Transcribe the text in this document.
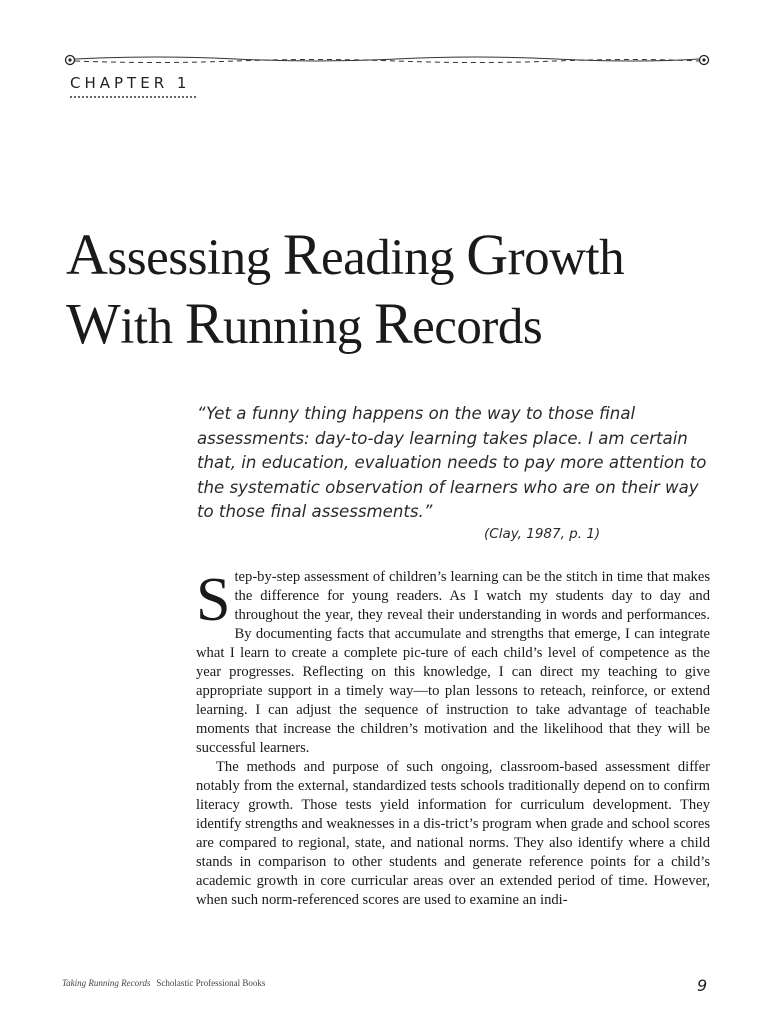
CHAPTER 1
Assessing Reading Growth
With Running Records

“Yet a funny thing happens on the way to those final assessments: day-to-day learning takes place. I am certain that, in education, evaluation needs to pay more attention to the systematic observation of learners who are on their way to those final assessments.”

(Clay, 1987, p. 1)

Step-by-step assessment of children’s learning can be the stitch in time that makes the difference for young readers. As I watch my students day to day and throughout the year, they reveal their understanding in words and performances. By documenting facts that accumulate and strengths that emerge, I can integrate what I learn to create a complete pic-ture of each child’s level of competence as the year progresses. Reflecting on this knowledge, I can direct my teaching to give appropriate support in a timely way—to plan lessons to reteach, reinforce, or extend learning. I can adjust the sequence of instruction to take advantage of teachable moments that increase the children’s motivation and the likelihood that they will be successful learners.

The methods and purpose of such ongoing, classroom-based assessment differ notably from the external, standardized tests schools traditionally depend on to confirm literacy growth. Those tests yield information for curriculum development. They identify strengths and weaknesses in a dis-trict’s program when grade and school scores are compared to regional, state, and national norms. They also identify where a child stands in comparison to other students and generate reference points for a child’s academic growth in core curricular areas over an extended period of time. However, when such norm-referenced scores are used to examine an indi-

Taking Running Records Scholastic Professional Books	9
